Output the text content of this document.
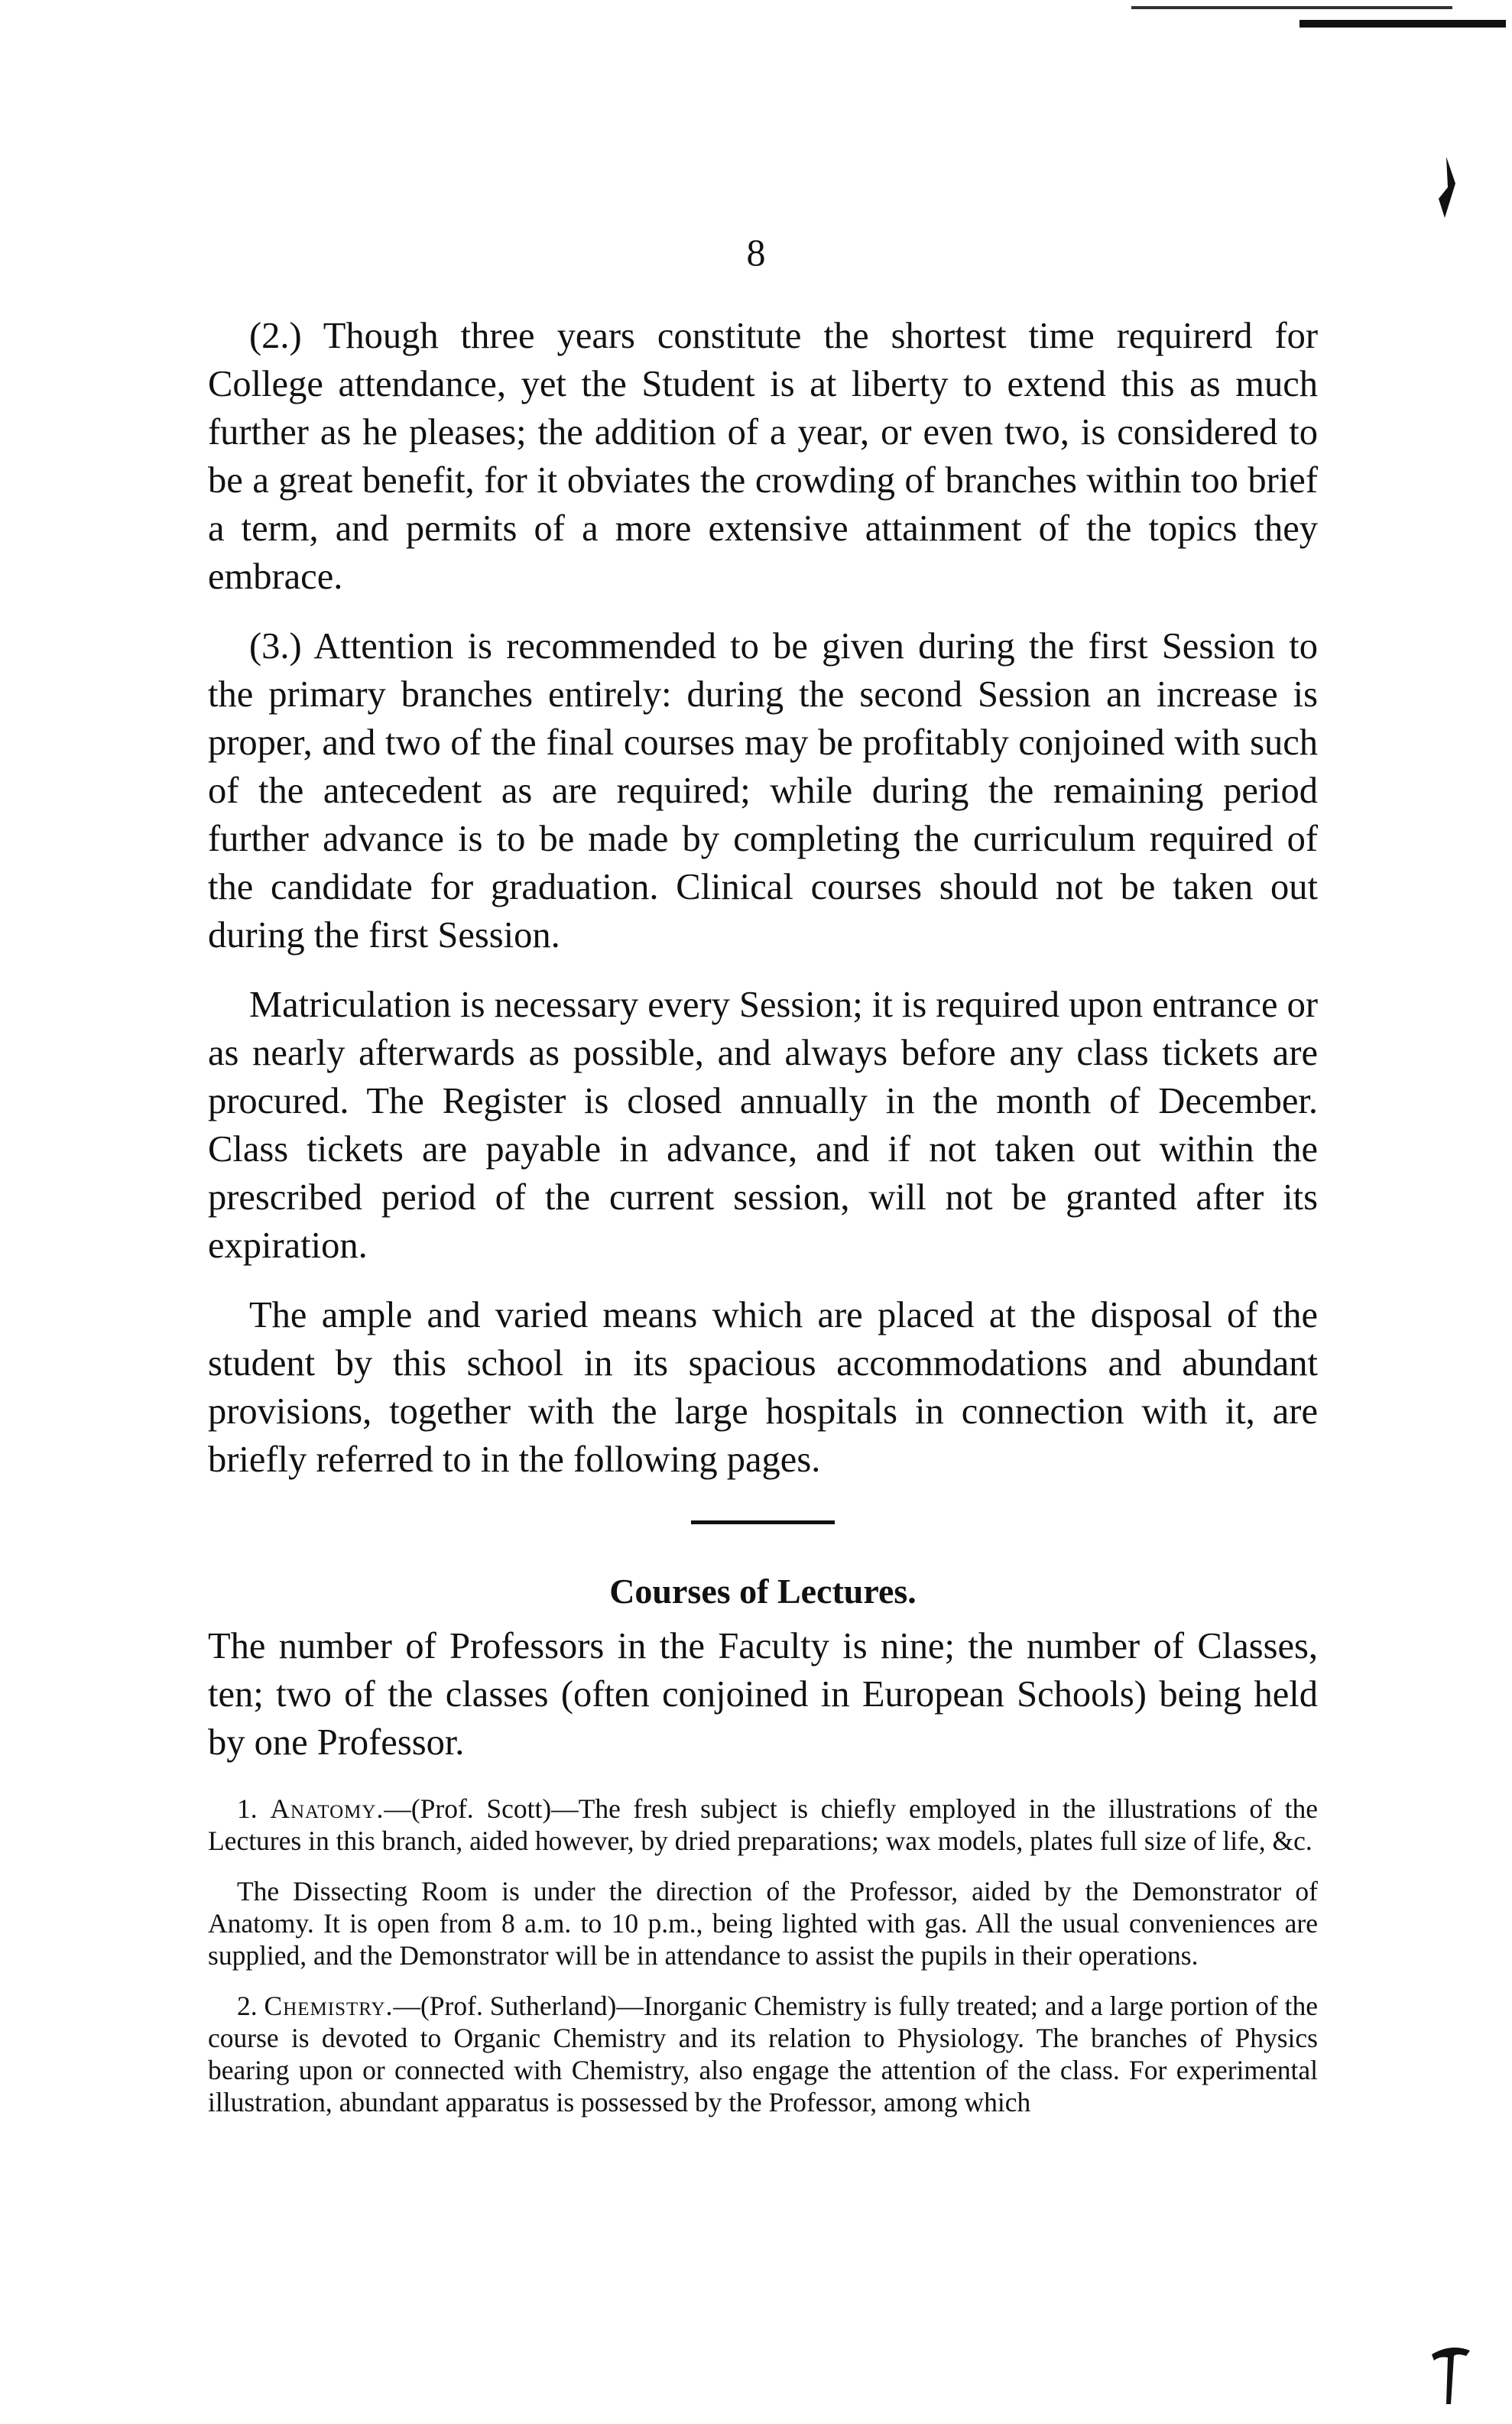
8

(2.) Though three years constitute the shortest time requirerd for College attendance, yet the Student is at liberty to extend this as much further as he pleases; the addition of a year, or even two, is considered to be a great benefit, for it obviates the crowding of branches within too brief a term, and permits of a more extensive attainment of the topics they embrace.

(3.) Attention is recommended to be given during the first Session to the primary branches entirely: during the second Session an increase is proper, and two of the final courses may be profitably conjoined with such of the antecedent as are required; while during the remaining period further advance is to be made by completing the curriculum required of the candidate for graduation. Clinical courses should not be taken out during the first Session.

Matriculation is necessary every Session; it is required upon entrance or as nearly afterwards as possible, and always before any class tickets are procured. The Register is closed annually in the month of December. Class tickets are payable in advance, and if not taken out within the prescribed period of the current session, will not be granted after its expiration.

The ample and varied means which are placed at the disposal of the student by this school in its spacious accommodations and abundant provisions, together with the large hospitals in connection with it, are briefly referred to in the following pages.

Courses of Lectures.

The number of Professors in the Faculty is nine; the number of Classes, ten; two of the classes (often conjoined in European Schools) being held by one Professor.

1. Anatomy.—(Prof. Scott)—The fresh subject is chiefly employed in the illustrations of the Lectures in this branch, aided however, by dried preparations; wax models, plates full size of life, &c.

The Dissecting Room is under the direction of the Professor, aided by the Demonstrator of Anatomy. It is open from 8 a.m. to 10 p.m., being lighted with gas. All the usual conveniences are supplied, and the Demonstrator will be in attendance to assist the pupils in their operations.

2. Chemistry.—(Prof. Sutherland)—Inorganic Chemistry is fully treated; and a large portion of the course is devoted to Organic Chemistry and its relation to Physiology. The branches of Physics bearing upon or connected with Chemistry, also engage the attention of the class. For experimental illustration, abundant apparatus is possessed by the Professor, among which
